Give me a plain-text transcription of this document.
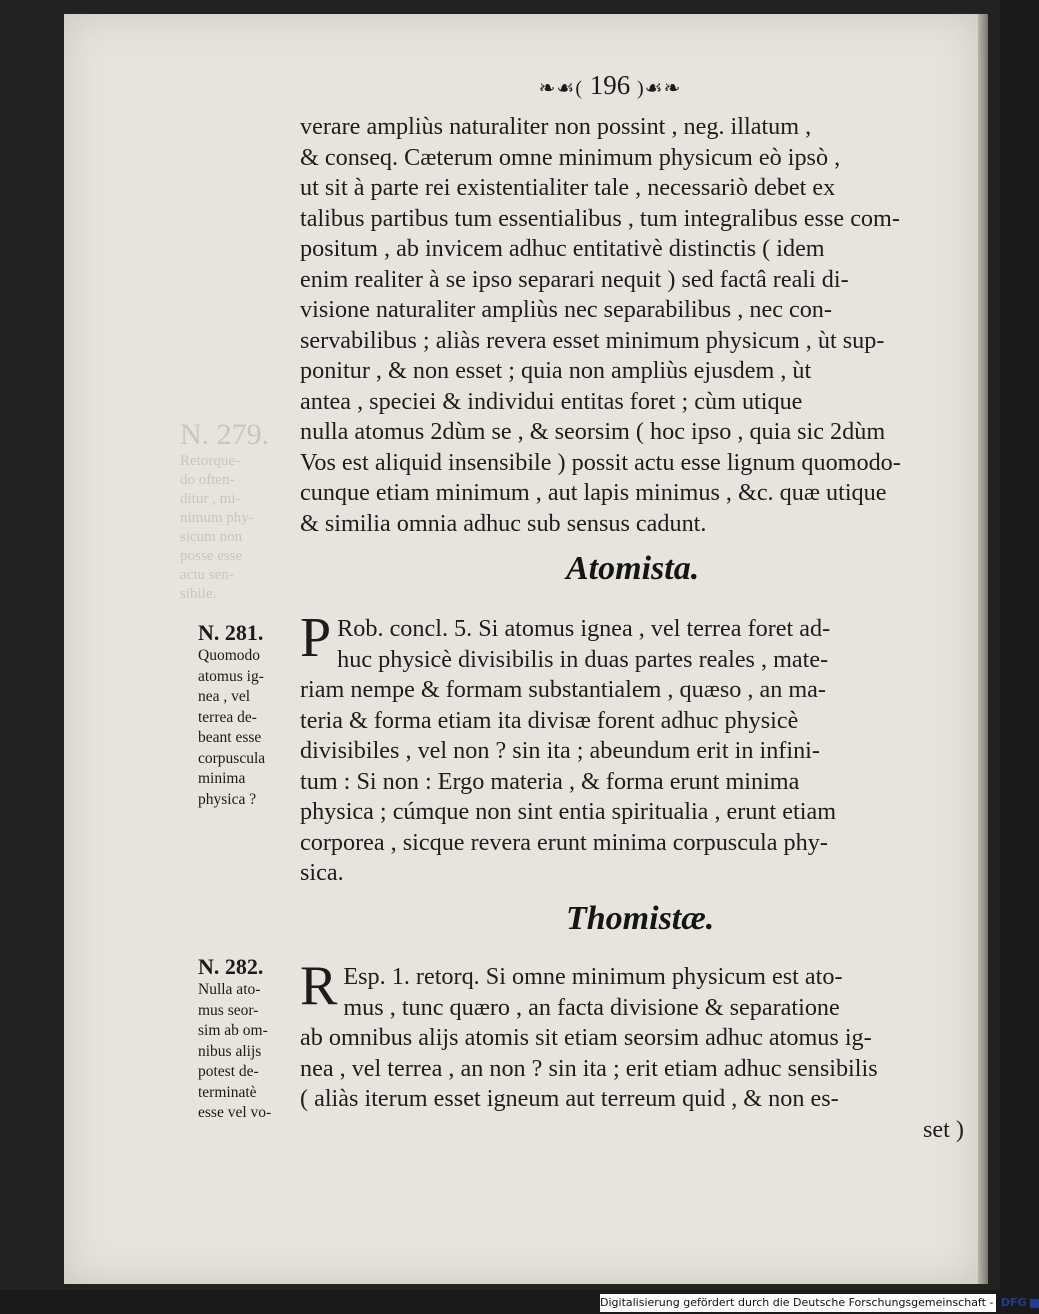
N. 279.
Retorque-
do often-
ditur , mi-
nimum phy-
sicum non
posse esse
actu sen-
sibile.
❧☙( 196 )☙❧
verare ampliùs naturaliter non possint , neg. illatum ,
& conseq. Cæterum omne minimum physicum eò ipsò ,
ut sit à parte rei existentialiter tale , necessariò debet ex
talibus partibus tum essentialibus , tum integralibus esse com-
positum , ab invicem adhuc entitativè distinctis ( idem
enim realiter à se ipso separari nequit ) sed factâ reali di-
visione naturaliter ampliùs nec separabilibus , nec con-
servabilibus ; aliàs revera esset minimum physicum , ùt sup-
ponitur , & non esset ; quia non ampliùs ejusdem , ùt
antea , speciei & individui entitas foret ; cùm utique
nulla atomus 2dùm se , & seorsim ( hoc ipso , quia sic 2dùm
Vos est aliquid insensibile ) possit actu esse lignum quomodo-
cunque etiam minimum , aut lapis minimus , &c. quæ utique
& similia omnia adhuc sub sensus cadunt.
Atomista.
N. 281.
Quomodo
atomus ig-
nea , vel
terrea de-
beant esse
corpuscula
minima
physica ?
P Rob. concl. 5. Si atomus ignea , vel terrea foret ad-
huc physicè divisibilis in duas partes reales , mate-
riam nempe & formam substantialem , quæso , an ma-
teria & forma etiam ita divisæ forent adhuc physicè
divisibiles , vel non ? sin ita ; abeundum erit in infini-
tum : Si non : Ergo materia , & forma erunt minima
physica ; cúmque non sint entia spiritualia , erunt etiam
corporea , sicque revera erunt minima corpuscula phy-
sica.
Thomistæ.
N. 282.
Nulla ato-
mus seor-
sim ab om-
nibus alijs
potest de-
terminatè
esse vel vo-
R Esp. 1. retorq. Si omne minimum physicum est ato-
mus , tunc quæro , an facta divisione & separatione
ab omnibus alijs atomis sit etiam seorsim adhuc atomus ig-
nea , vel terrea , an non ? sin ita ; erit etiam adhuc sensibilis
( aliàs iterum esset igneum aut terreum quid , & non es-
set )
Digitalisierung gefördert durch die Deutsche Forschungsgemeinschaft - DFG
